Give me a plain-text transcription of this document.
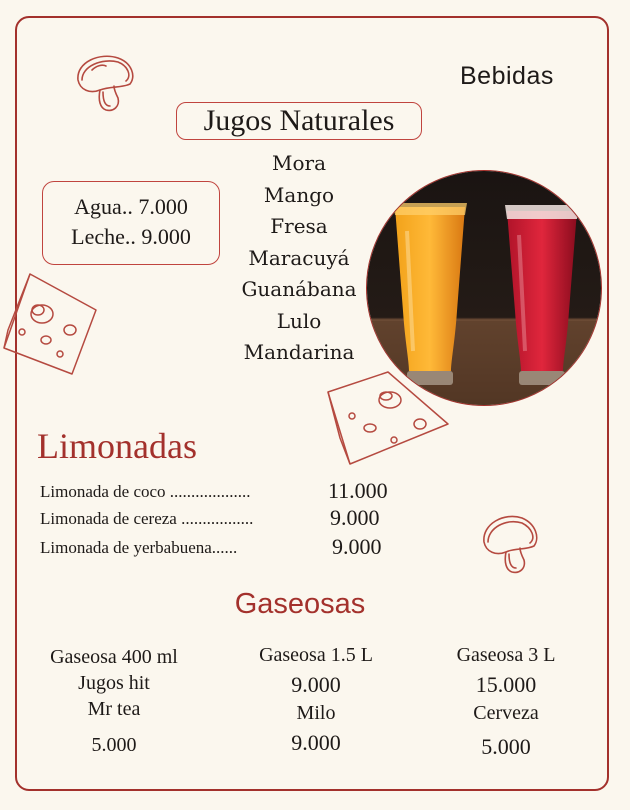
Bebidas
Jugos Naturales
Mora
Mango
Fresa
Maracuyá
Guanábana
Lulo
Mandarina
Agua.. 7.000
Leche.. 9.000
Limonadas
Limonada de coco ...................	11.000
Limonada de cereza .................	9.000
Limonada de yerbabuena......	9.000
Gaseosas
Gaseosa 400 ml
Jugos hit
Mr tea
5.000
Gaseosa 1.5 L
9.000
Milo
9.000
Gaseosa 3 L
15.000
Cerveza
5.000
